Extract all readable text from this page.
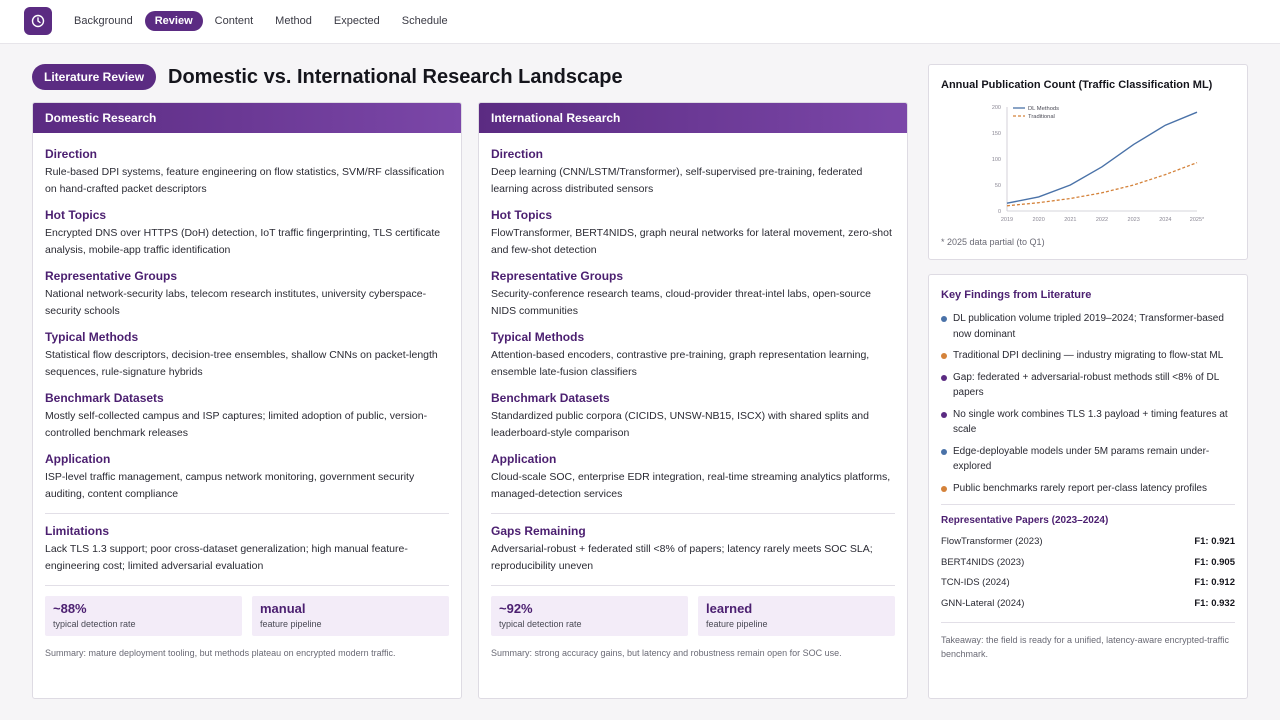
Background	Review	Content	Method	Expected	Schedule
Literature Review	Domestic vs. International Research Landscape
Domestic Research
Direction
Rule-based DPI systems, feature engineering on flow statistics, SVM/RF classification on hand-crafted packet descriptors
Hot Topics
Encrypted DNS over HTTPS (DoH) detection, IoT traffic fingerprinting, TLS certificate analysis, mobile-app traffic identification
Representative Groups
National network-security labs, telecom research institutes, university cyberspace-security schools
Typical Methods
Statistical flow descriptors, decision-tree ensembles, shallow CNNs on packet-length sequences, rule-signature hybrids
Benchmark Datasets
Mostly self-collected campus and ISP captures; limited adoption of public, version-controlled benchmark releases
Application
ISP-level traffic management, campus network monitoring, government security auditing, content compliance
Limitations
Lack TLS 1.3 support; poor cross-dataset generalization; high manual feature-engineering cost; limited adversarial evaluation
~88%
typical detection rate
manual
feature pipeline
Summary: mature deployment tooling, but methods plateau on encrypted modern traffic.
International Research
Direction
Deep learning (CNN/LSTM/Transformer), self-supervised pre-training, federated learning across distributed sensors
Hot Topics
FlowTransformer, BERT4NIDS, graph neural networks for lateral movement, zero-shot and few-shot detection
Representative Groups
Security-conference research teams, cloud-provider threat-intel labs, open-source NIDS communities
Typical Methods
Attention-based encoders, contrastive pre-training, graph representation learning, ensemble late-fusion classifiers
Benchmark Datasets
Standardized public corpora (CICIDS, UNSW-NB15, ISCX) with shared splits and leaderboard-style comparison
Application
Cloud-scale SOC, enterprise EDR integration, real-time streaming analytics platforms, managed-detection services
Gaps Remaining
Adversarial-robust + federated still <8% of papers; latency rarely meets SOC SLA; reproducibility uneven
~92%
typical detection rate
learned
feature pipeline
Summary: strong accuracy gains, but latency and robustness remain open for SOC use.
Annual Publication Count (Traffic Classification ML)
0
50
100
150
200
2019	2020	2021	2022	2023	2024	2025*
DL Methods
Traditional
* 2025 data partial (to Q1)
Key Findings from Literature
DL publication volume tripled 2019–2024; Transformer-based now dominant
Traditional DPI declining — industry migrating to flow-stat ML
Gap: federated + adversarial-robust methods still <8% of DL papers
No single work combines TLS 1.3 payload + timing features at scale
Edge-deployable models under 5M params remain under-explored
Public benchmarks rarely report per-class latency profiles
Representative Papers (2023–2024)
FlowTransformer (2023)	F1: 0.921
BERT4NIDS (2023)	F1: 0.905
TCN-IDS (2024)	F1: 0.912
GNN-Lateral (2024)	F1: 0.932
Takeaway: the field is ready for a unified, latency-aware encrypted-traffic benchmark.
